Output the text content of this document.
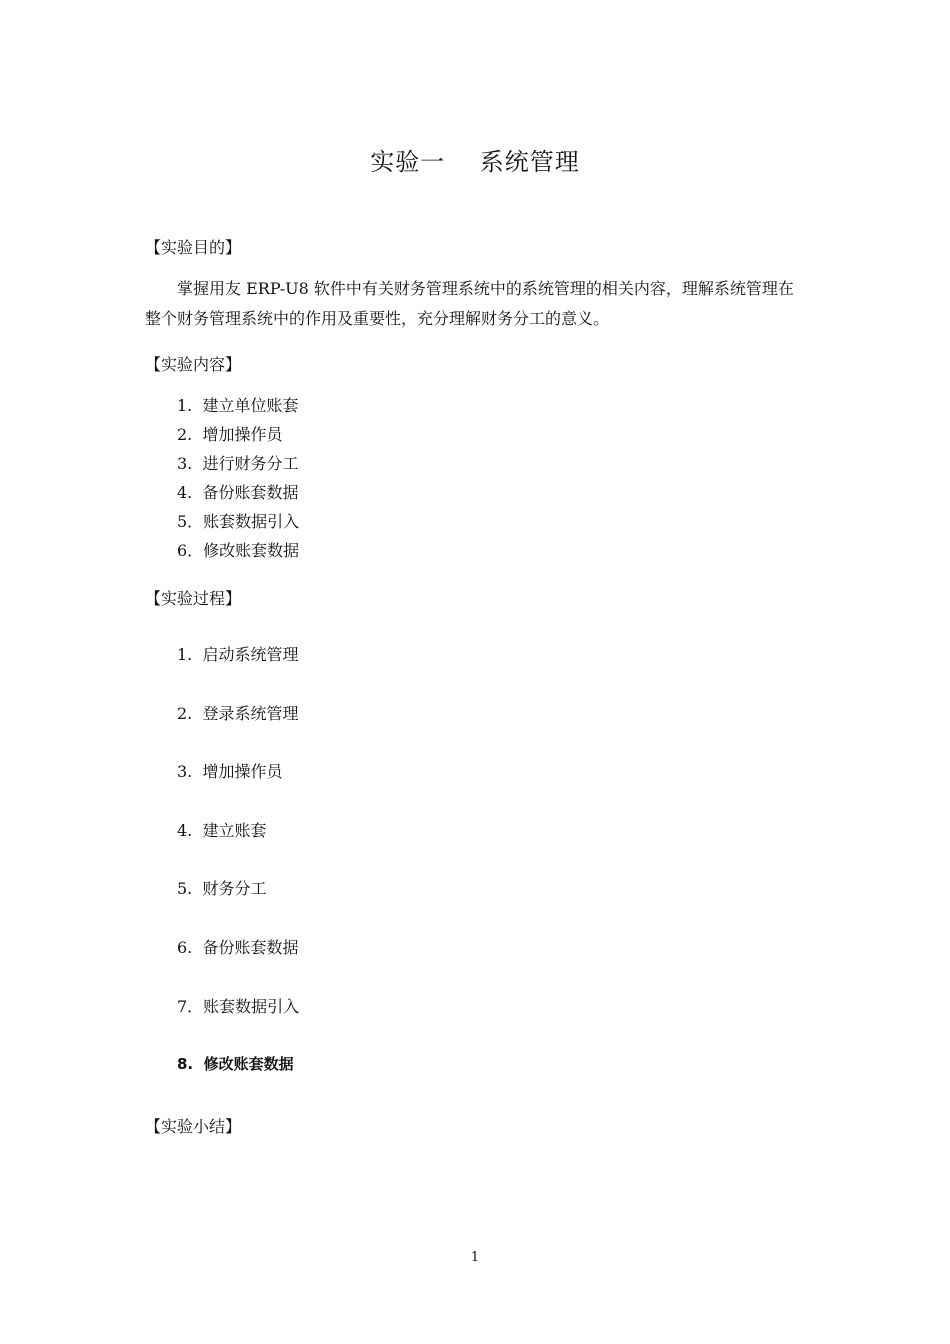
实验一    系统管理
【实验目的】
掌握用友 ERP-U8 软件中有关财务管理系统中的系统管理的相关内容，理解系统管理在整个财务管理系统中的作用及重要性，充分理解财务分工的意义。
【实验内容】
1.  建立单位账套
2.  增加操作员
3.  进行财务分工
4.  备份账套数据
5．账套数据引入
6．修改账套数据
【实验过程】
1.  启动系统管理
2.  登录系统管理
3.  增加操作员
4.  建立账套
5.  财务分工
6.  备份账套数据
7．账套数据引入
8.  修改账套数据
【实验小结】
1
